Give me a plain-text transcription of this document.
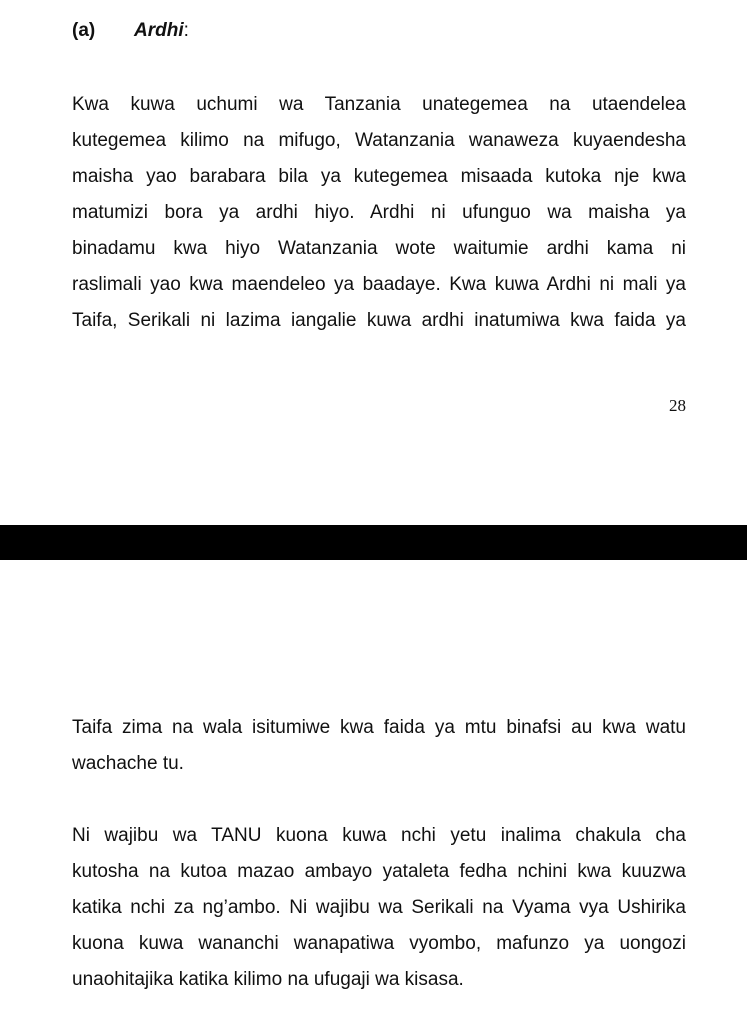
(a) Ardhi:
Kwa kuwa uchumi wa Tanzania unategemea na utaendelea
kutegemea kilimo na mifugo, Watanzania wanaweza kuyaendesha
maisha yao barabara bila ya kutegemea misaada kutoka nje kwa
matumizi bora ya ardhi hiyo. Ardhi ni ufunguo wa maisha ya
binadamu kwa hiyo Watanzania wote waitumie ardhi kama ni
raslimali yao kwa maendeleo ya baadaye. Kwa kuwa Ardhi ni mali ya
Taifa, Serikali ni lazima iangalie kuwa ardhi inatumiwa kwa faida ya
28
Taifa zima na wala isitumiwe kwa faida ya mtu binafsi au kwa watu
wachache tu.
Ni wajibu wa TANU kuona kuwa nchi yetu inalima chakula cha
kutosha na kutoa mazao ambayo yataleta fedha nchini kwa kuuzwa
katika nchi za ng’ambo. Ni wajibu wa Serikali na Vyama vya Ushirika
kuona kuwa wananchi wanapatiwa vyombo, mafunzo ya uongozi
unaohitajika katika kilimo na ufugaji wa kisasa.
